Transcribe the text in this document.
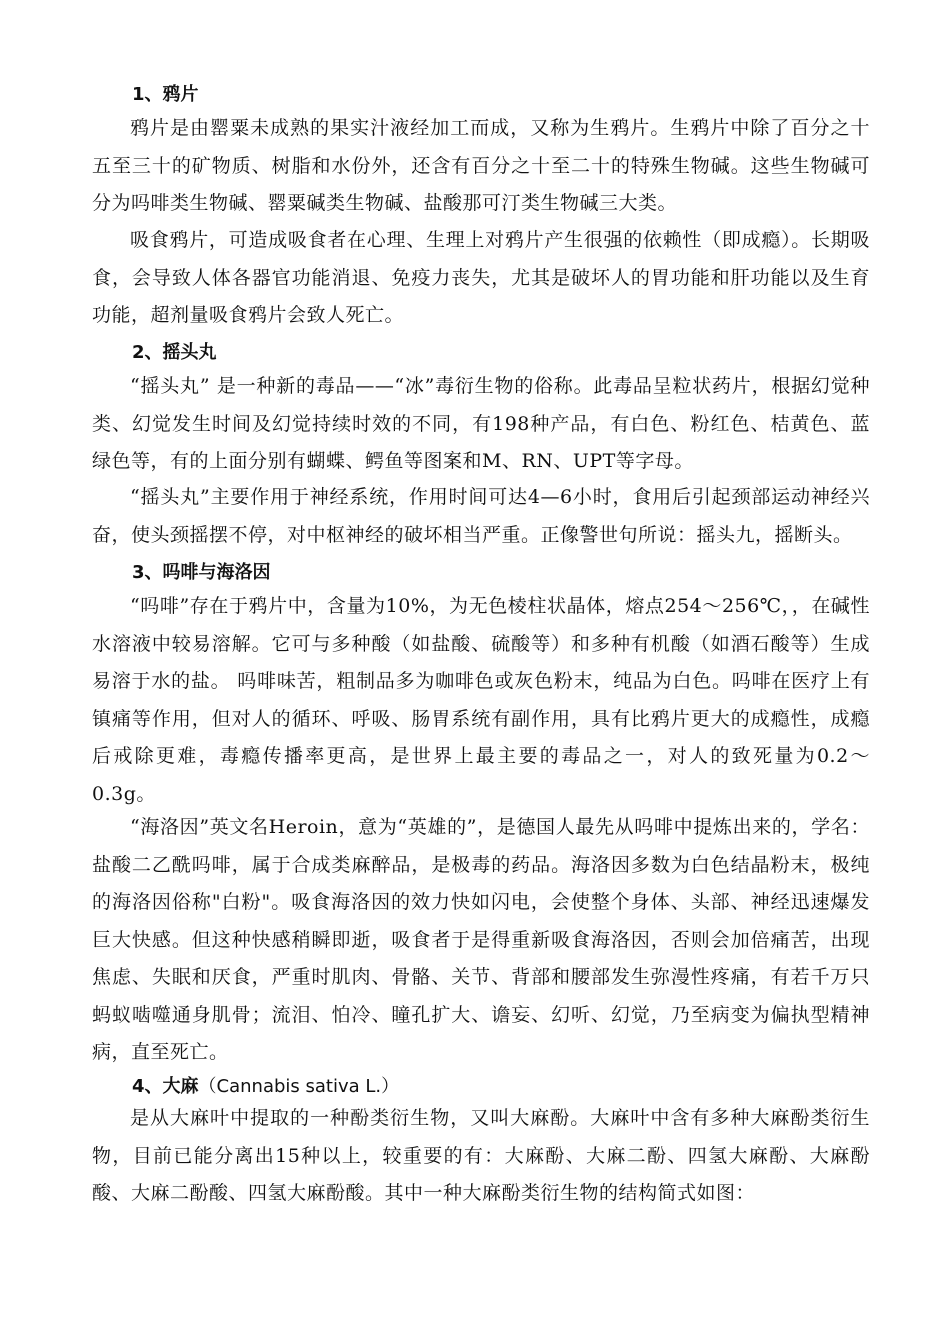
1、鸦片

鸦片是由罂粟未成熟的果实汁液经加工而成，又称为生鸦片。生鸦片中除了百分之十五至三十的矿物质、树脂和水份外，还含有百分之十至二十的特殊生物碱。这些生物碱可分为吗啡类生物碱、罂粟碱类生物碱、盐酸那可汀类生物碱三大类。

吸食鸦片，可造成吸食者在心理、生理上对鸦片产生很强的依赖性（即成瘾）。长期吸食，会导致人体各器官功能消退、免疫力丧失，尤其是破坏人的胃功能和肝功能以及生育功能，超剂量吸食鸦片会致人死亡。

2、摇头丸

“摇头丸” 是一种新的毒品——“冰”毒衍生物的俗称。此毒品呈粒状药片，根据幻觉种类、幻觉发生时间及幻觉持续时效的不同，有198种产品，有白色、粉红色、桔黄色、蓝绿色等，有的上面分别有蝴蝶、鳄鱼等图案和M、RN、UPT等字母。

“摇头丸”主要作用于神经系统，作用时间可达4—6小时，食用后引起颈部运动神经兴奋，使头颈摇摆不停，对中枢神经的破坏相当严重。正像警世句所说：摇头九，摇断头。

3、吗啡与海洛因

“吗啡”存在于鸦片中，含量为10%，为无色棱柱状晶体，熔点254～256℃，，在碱性水溶液中较易溶解。它可与多种酸（如盐酸、硫酸等）和多种有机酸（如酒石酸等）生成易溶于水的盐。 吗啡味苦，粗制品多为咖啡色或灰色粉末，纯品为白色。吗啡在医疗上有镇痛等作用，但对人的循环、呼吸、肠胃系统有副作用，具有比鸦片更大的成瘾性，成瘾后戒除更难，毒瘾传播率更高，是世界上最主要的毒品之一，对人的致死量为0.2～0.3g。

“海洛因”英文名Heroin，意为“英雄的”，是德国人最先从吗啡中提炼出来的，学名：盐酸二乙酰吗啡，属于合成类麻醉品，是极毒的药品。海洛因多数为白色结晶粉末，极纯的海洛因俗称"白粉"。吸食海洛因的效力快如闪电，会使整个身体、头部、神经迅速爆发巨大快感。但这种快感稍瞬即逝，吸食者于是得重新吸食海洛因，否则会加倍痛苦，出现焦虑、失眠和厌食，严重时肌肉、骨骼、关节、背部和腰部发生弥漫性疼痛，有若千万只蚂蚁啮噬通身肌骨；流泪、怕冷、瞳孔扩大、谵妄、幻听、幻觉，乃至病变为偏执型精神病，直至死亡。

4、大麻（Cannabis sativa L.）

是从大麻叶中提取的一种酚类衍生物，又叫大麻酚。大麻叶中含有多种大麻酚类衍生物，目前已能分离出15种以上，较重要的有：大麻酚、大麻二酚、四氢大麻酚、大麻酚酸、大麻二酚酸、四氢大麻酚酸。其中一种大麻酚类衍生物的结构简式如图：
